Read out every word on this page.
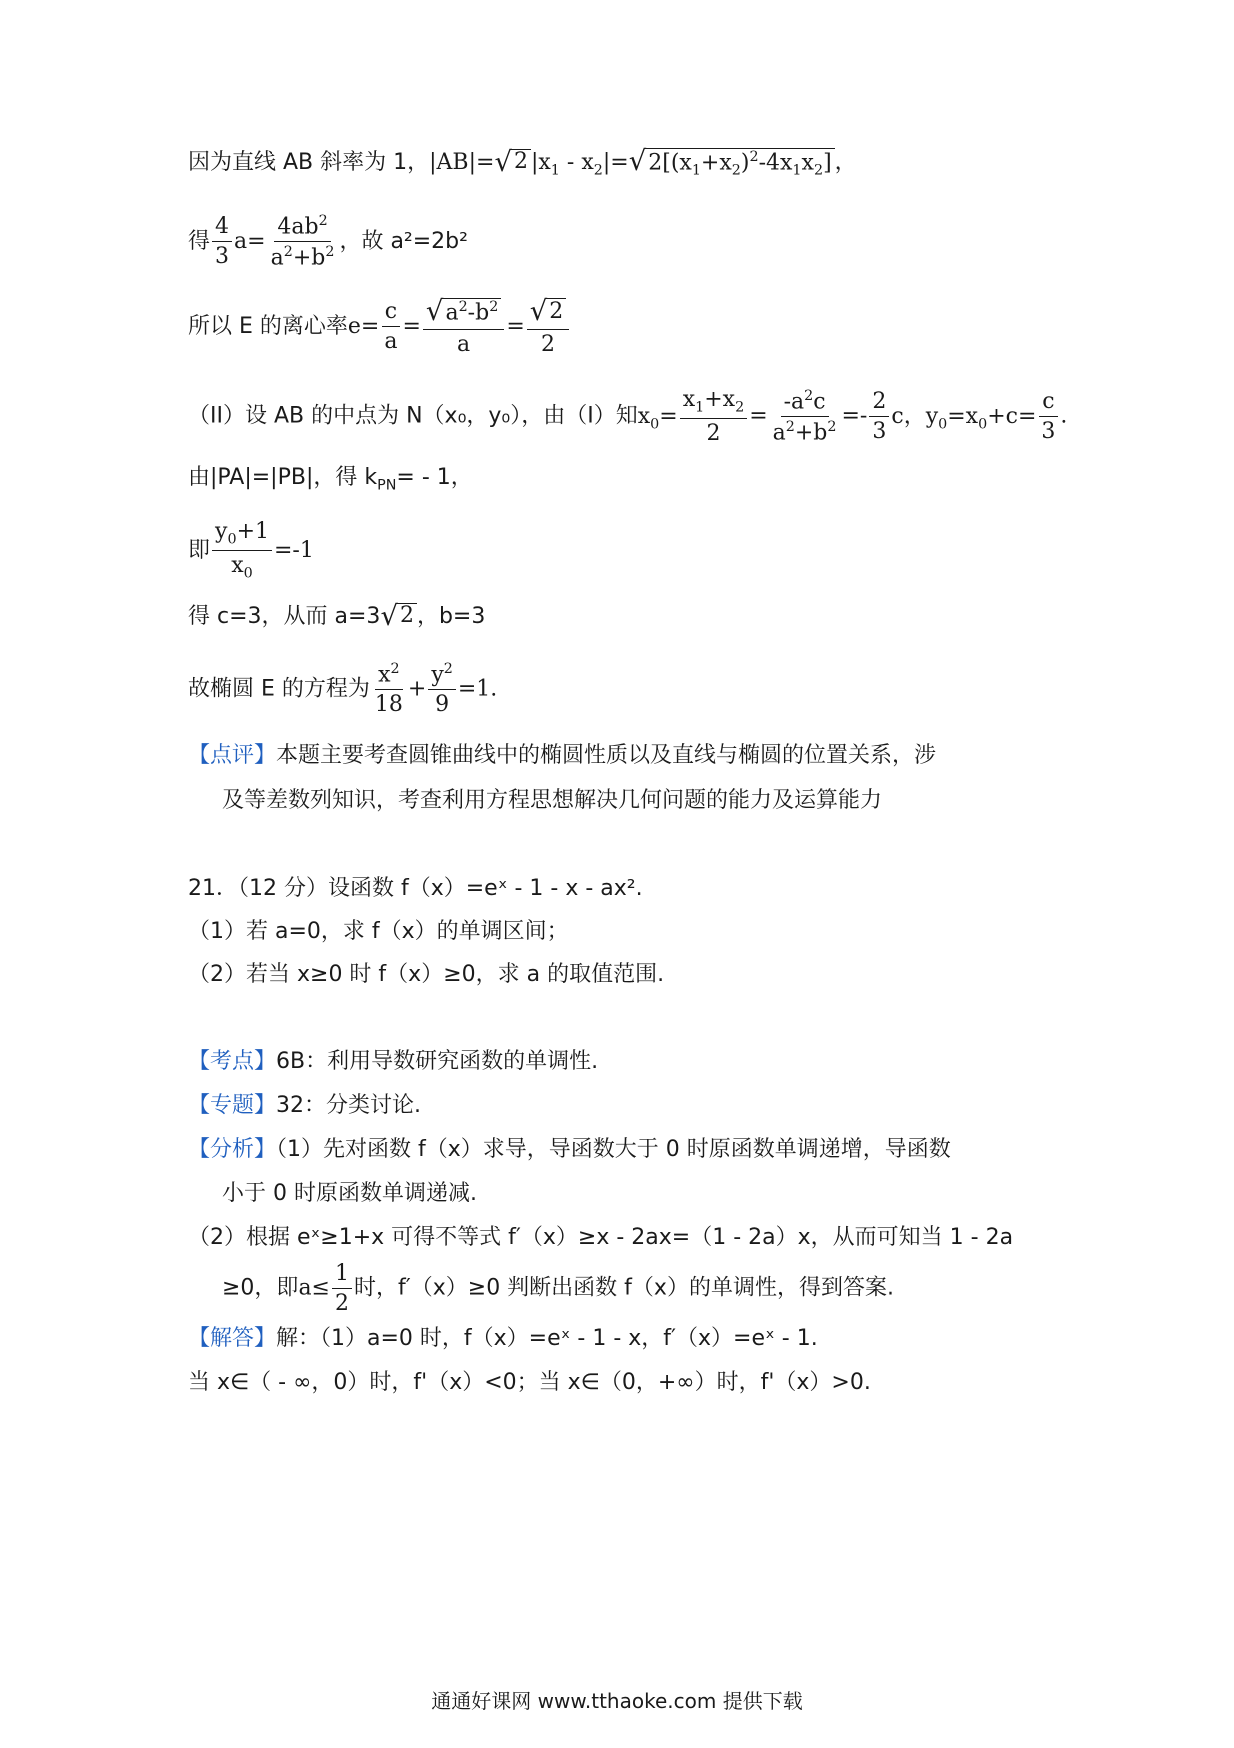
因为直线 AB 斜率为 1，|AB|= √ 2 $|x_1$ ‑ $x_2|=$ √ $2[(x_1+x_2)^2‑4x_1x_2]$ ，
得 $\frac{4}{3} a= \frac{4ab^2}{a^2+b^2}$ ，故 a²=2b²
所以 E 的离心率$e= \frac{c}{a} = \frac{√ a^2‑b^2}{a} = \frac{√ 2}{2}$
（II）设 AB 的中点为 N（x₀，y₀），由（I）知$x_0= \frac{x_1+x_2}{2} = \frac{‑a^2c}{a^2+b^2}$ =‑ $\frac{2}{3}$ c，$y_0=x_0+c= \frac{c}{3}$ .
由|PA|=|PB|，得 $k_{PN}=$ ‑ 1，
即 $\frac{y_0+1}{x_0}$ =‑1
得 c=3，从而 a=3 √ 2 ，b=3
故椭圆 E 的方程为 $\frac{x^2}{18} + \frac{y^2}{9} =1$.
【点评】本题主要考查圆锥曲线中的椭圆性质以及直线与椭圆的位置关系，涉
及等差数列知识，考查利用方程思想解决几何问题的能力及运算能力
21．（12 分）设函数 f（x）=eˣ ‑ 1 ‑ x ‑ ax².
（1）若 a=0，求 f（x）的单调区间；
（2）若当 x≥0 时 f（x）≥0，求 a 的取值范围.
【考点】6B：利用导数研究函数的单调性.
【专题】32：分类讨论.
【分析】（1）先对函数 f（x）求导，导函数大于 0 时原函数单调递增，导函数
小于 0 时原函数单调递减.
（2）根据 eˣ≥1+x 可得不等式 f′（x）≥x ‑ 2ax=（1 ‑ 2a）x，从而可知当 1 ‑ 2a
≥0，即$a\le \frac{1}{2}$ 时，f′（x）≥0 判断出函数 f（x）的单调性，得到答案.
【解答】解：（1）a=0 时，f（x）=eˣ ‑ 1 ‑ x，f′（x）=eˣ ‑ 1.
当 x∈（ ‑ ∞，0）时，f'（x）<0；当 x∈（0，+∞）时，f'（x）>0.
通通好课网 www.tthaoke.com 提供下载
